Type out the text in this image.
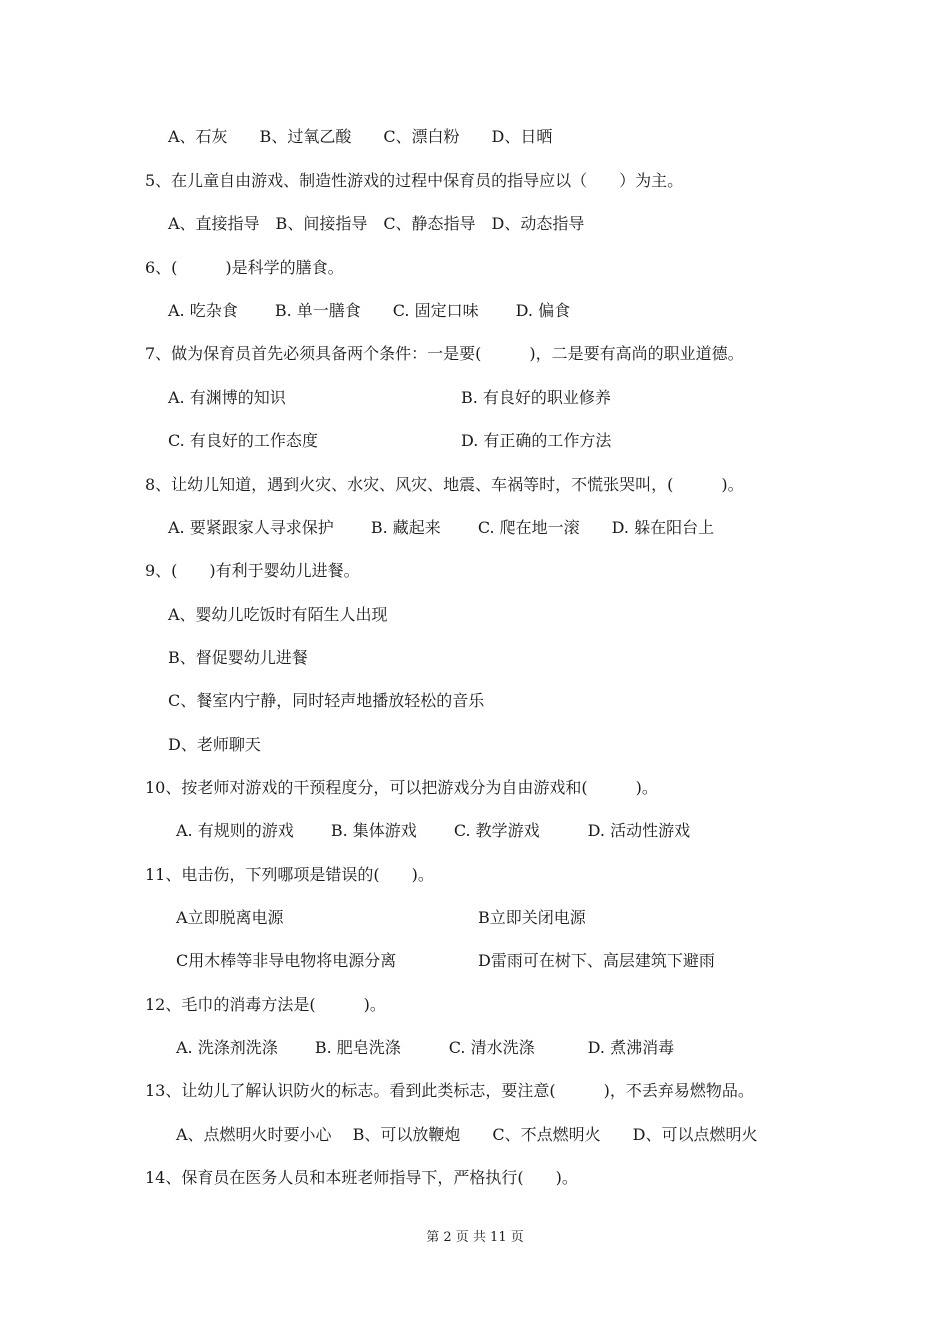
A、石灰　　B、过氧乙酸　　C、漂白粉　　D、日晒
5、在儿童自由游戏、制造性游戏的过程中保育员的指导应以（　　）为主。
A、直接指导　B、间接指导　C、静态指导　D、动态指导
6、(　　　)是科学的膳食。
A. 吃杂食　　 B. 单一膳食　　C. 固定口味　　 D. 偏食
7、做为保育员首先必须具备两个条件：一是要(　　　)，二是要有高尚的职业道德。
A. 有渊博的知识	B. 有良好的职业修养
C. 有良好的工作态度	D. 有正确的工作方法
8、让幼儿知道，遇到火灾、水灾、风灾、地震、车祸等时，不慌张哭叫，(　　　)。
A. 要紧跟家人寻求保护　　 B. 藏起来　　 C. 爬在地一滚　　D. 躲在阳台上
9、(　　)有利于婴幼儿进餐。
A、婴幼儿吃饭时有陌生人出现
B、督促婴幼儿进餐
C、餐室内宁静，同时轻声地播放轻松的音乐
D、老师聊天
10、按老师对游戏的干预程度分，可以把游戏分为自由游戏和(　　　)。
A. 有规则的游戏　　 B. 集体游戏　　 C. 教学游戏　　　D. 活动性游戏
11、电击伤，下列哪项是错误的(　　)。
A立即脱离电源	B立即关闭电源
C用木棒等非导电物将电源分离	D雷雨可在树下、高层建筑下避雨
12、毛巾的消毒方法是(　　　)。
A. 洗涤剂洗涤　　 B. 肥皂洗涤　　　C. 清水洗涤　　　 D. 煮沸消毒
13、让幼儿了解认识防火的标志。看到此类标志，要注意(　　　)，不丢弃易燃物品。
A、点燃明火时要小心　 B、可以放鞭炮　　C、不点燃明火　　D、可以点燃明火
14、保育员在医务人员和本班老师指导下，严格执行(　　)。
第 2 页 共 11 页
